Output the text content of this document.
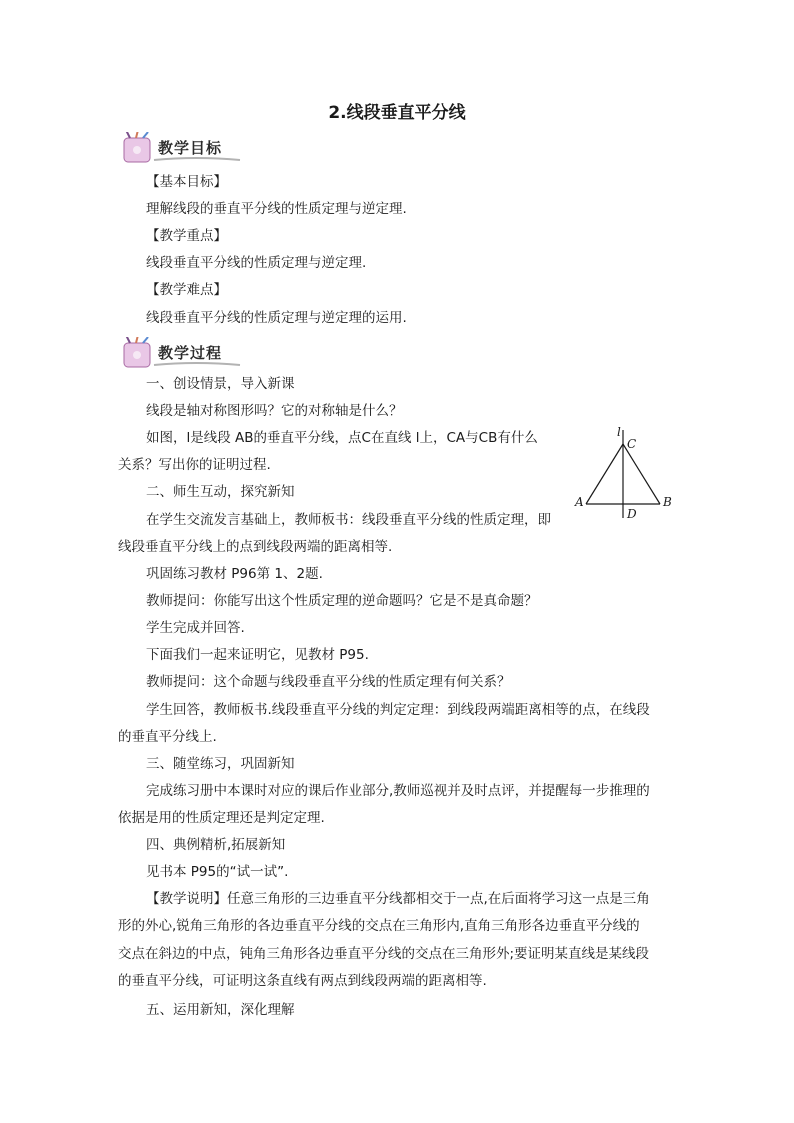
2.线段垂直平分线
教学目标
【基本目标】
理解线段的垂直平分线的性质定理与逆定理.
【教学重点】
线段垂直平分线的性质定理与逆定理.
【教学难点】
线段垂直平分线的性质定理与逆定理的运用.
教学过程
一、创设情景，导入新课
线段是轴对称图形吗？它的对称轴是什么？
如图，l是线段 AB的垂直平分线，点C在直线 l上，CA与CB有什么
关系？写出你的证明过程.
二、师生互动，探究新知
在学生交流发言基础上，教师板书：线段垂直平分线的性质定理，即
线段垂直平分线上的点到线段两端的距离相等.
巩固练习教材 P96第 1、2题.
教师提问：你能写出这个性质定理的逆命题吗？它是不是真命题？
学生完成并回答.
下面我们一起来证明它，见教材 P95.
教师提问：这个命题与线段垂直平分线的性质定理有何关系？
学生回答，教师板书.线段垂直平分线的判定定理：到线段两端距离相等的点，在线段
的垂直平分线上.
三、随堂练习，巩固新知
完成练习册中本课时对应的课后作业部分,教师巡视并及时点评，并提醒每一步推理的
依据是用的性质定理还是判定定理.
四、典例精析,拓展新知
见书本 P95的“试一试”.
【教学说明】任意三角形的三边垂直平分线都相交于一点,在后面将学习这一点是三角
形的外心,锐角三角形的各边垂直平分线的交点在三角形内,直角三角形各边垂直平分线的
交点在斜边的中点，钝角三角形各边垂直平分线的交点在三角形外;要证明某直线是某线段
的垂直平分线，可证明这条直线有两点到线段两端的距离相等.
五、运用新知，深化理解
l
C
A	B
D
